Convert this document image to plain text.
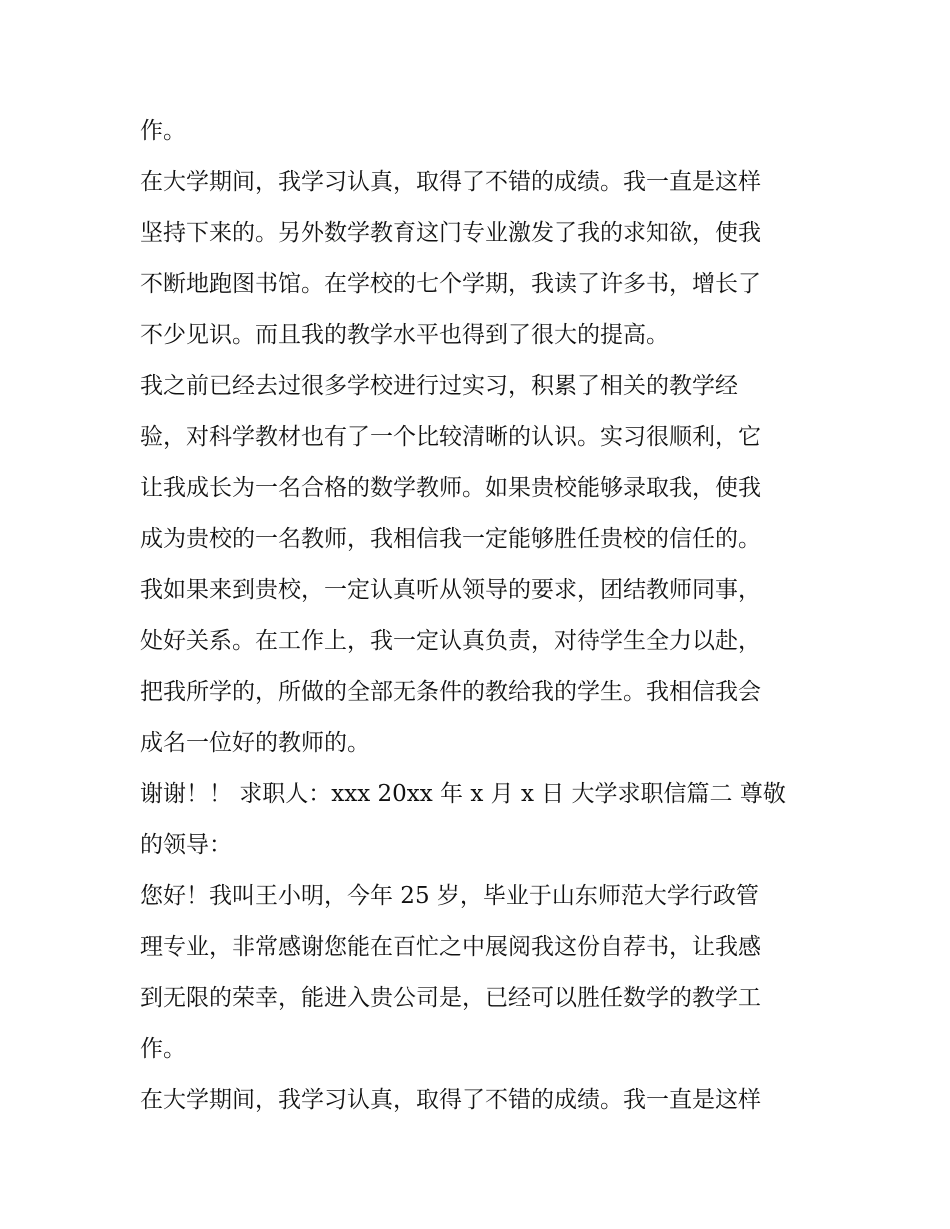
作。
在大学期间，我学习认真，取得了不错的成绩。我一直是这样
坚持下来的。另外数学教育这门专业激发了我的求知欲，使我
不断地跑图书馆。在学校的七个学期，我读了许多书，增长了
不少见识。而且我的教学水平也得到了很大的提高。
我之前已经去过很多学校进行过实习，积累了相关的教学经
验，对科学教材也有了一个比较清晰的认识。实习很顺利，它
让我成长为一名合格的数学教师。如果贵校能够录取我，使我
成为贵校的一名教师，我相信我一定能够胜任贵校的信任的。
我如果来到贵校，一定认真听从领导的要求，团结教师同事，
处好关系。在工作上，我一定认真负责，对待学生全力以赴，
把我所学的，所做的全部无条件的教给我的学生。我相信我会
成名一位好的教师的。
谢谢！！ 求职人：xxx 20xx 年 x 月 x 日 大学求职信篇二 尊敬
的领导：
您好！我叫王小明，今年 25 岁，毕业于山东师范大学行政管
理专业，非常感谢您能在百忙之中展阅我这份自荐书，让我感
到无限的荣幸，能进入贵公司是，已经可以胜任数学的教学工
作。
在大学期间，我学习认真，取得了不错的成绩。我一直是这样
